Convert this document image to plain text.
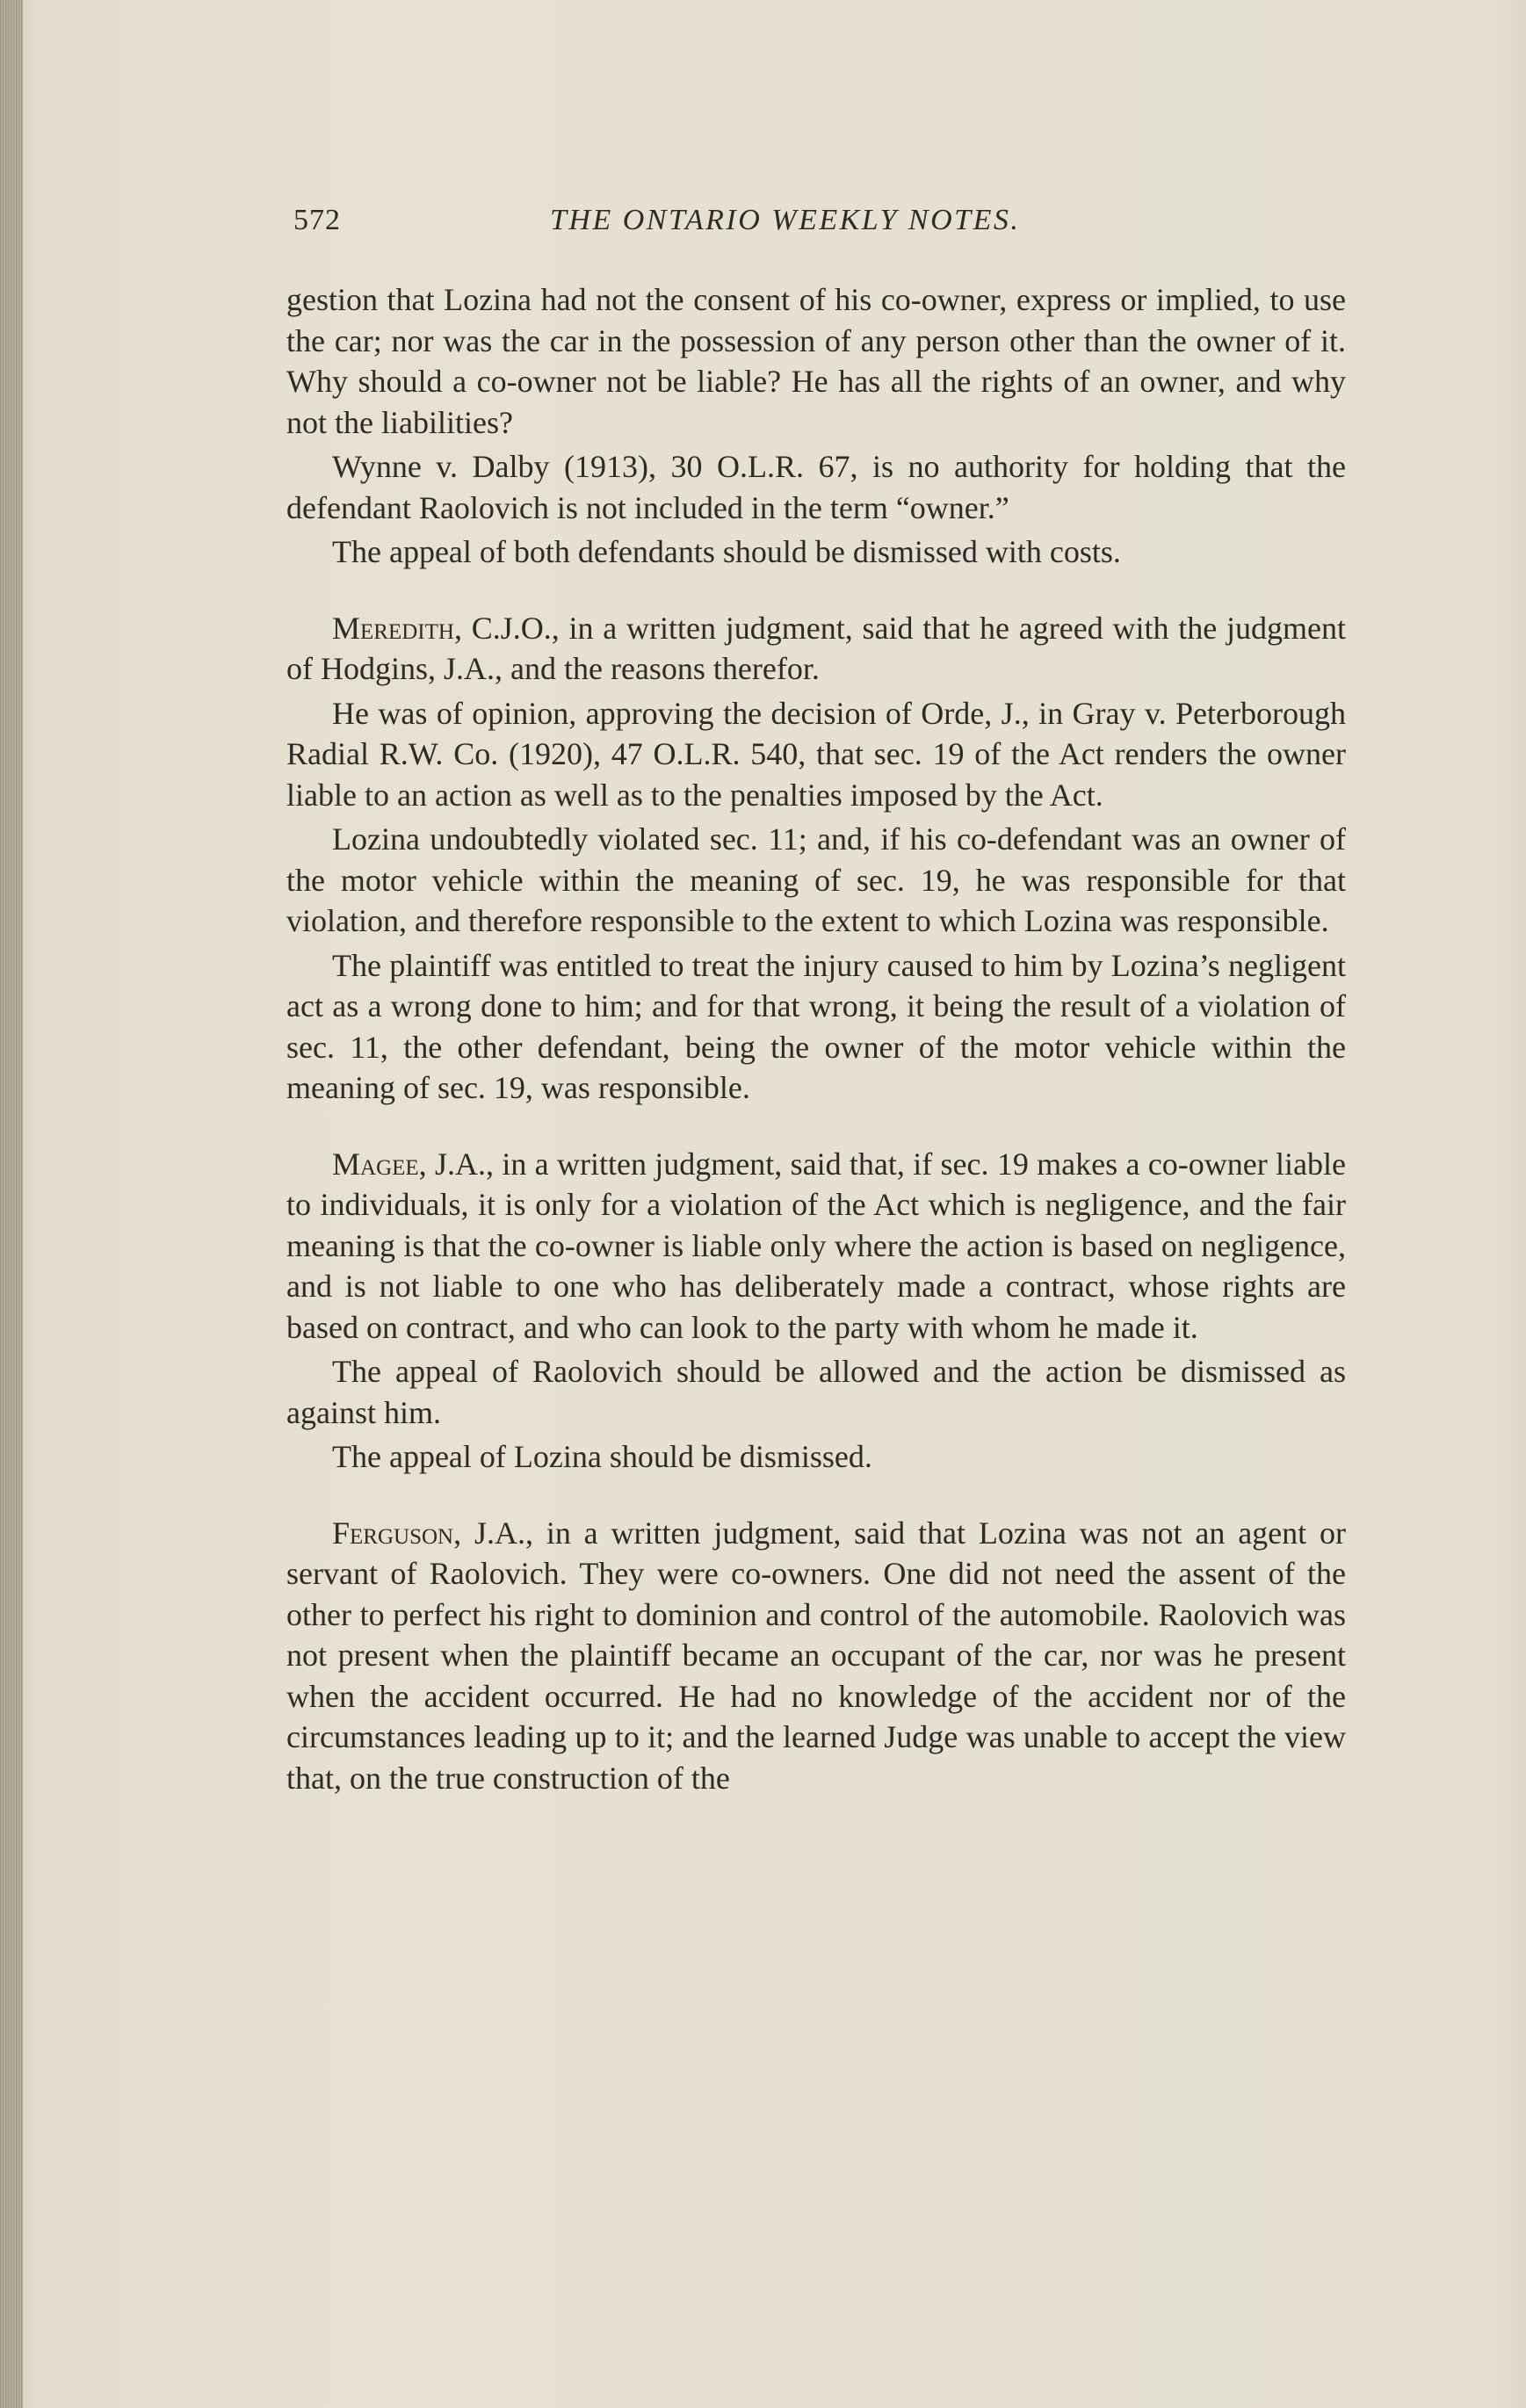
572	THE ONTARIO WEEKLY NOTES.

gestion that Lozina had not the consent of his co-owner, express or implied, to use the car; nor was the car in the possession of any person other than the owner of it. Why should a co-owner not be liable? He has all the rights of an owner, and why not the liabilities?

Wynne v. Dalby (1913), 30 O.L.R. 67, is no authority for holding that the defendant Raolovich is not included in the term “owner.”

The appeal of both defendants should be dismissed with costs.

Meredith, C.J.O., in a written judgment, said that he agreed with the judgment of Hodgins, J.A., and the reasons therefor.

He was of opinion, approving the decision of Orde, J., in Gray v. Peterborough Radial R.W. Co. (1920), 47 O.L.R. 540, that sec. 19 of the Act renders the owner liable to an action as well as to the penalties imposed by the Act.

Lozina undoubtedly violated sec. 11; and, if his co-defendant was an owner of the motor vehicle within the meaning of sec. 19, he was responsible for that violation, and therefore responsible to the extent to which Lozina was responsible.

The plaintiff was entitled to treat the injury caused to him by Lozina’s negligent act as a wrong done to him; and for that wrong, it being the result of a violation of sec. 11, the other defendant, being the owner of the motor vehicle within the meaning of sec. 19, was responsible.

Magee, J.A., in a written judgment, said that, if sec. 19 makes a co-owner liable to individuals, it is only for a violation of the Act which is negligence, and the fair meaning is that the co-owner is liable only where the action is based on negligence, and is not liable to one who has deliberately made a contract, whose rights are based on contract, and who can look to the party with whom he made it.

The appeal of Raolovich should be allowed and the action be dismissed as against him.

The appeal of Lozina should be dismissed.

Ferguson, J.A., in a written judgment, said that Lozina was not an agent or servant of Raolovich. They were co-owners. One did not need the assent of the other to perfect his right to dominion and control of the automobile. Raolovich was not present when the plaintiff became an occupant of the car, nor was he present when the accident occurred. He had no knowledge of the accident nor of the circumstances leading up to it; and the learned Judge was unable to accept the view that, on the true construction of the
